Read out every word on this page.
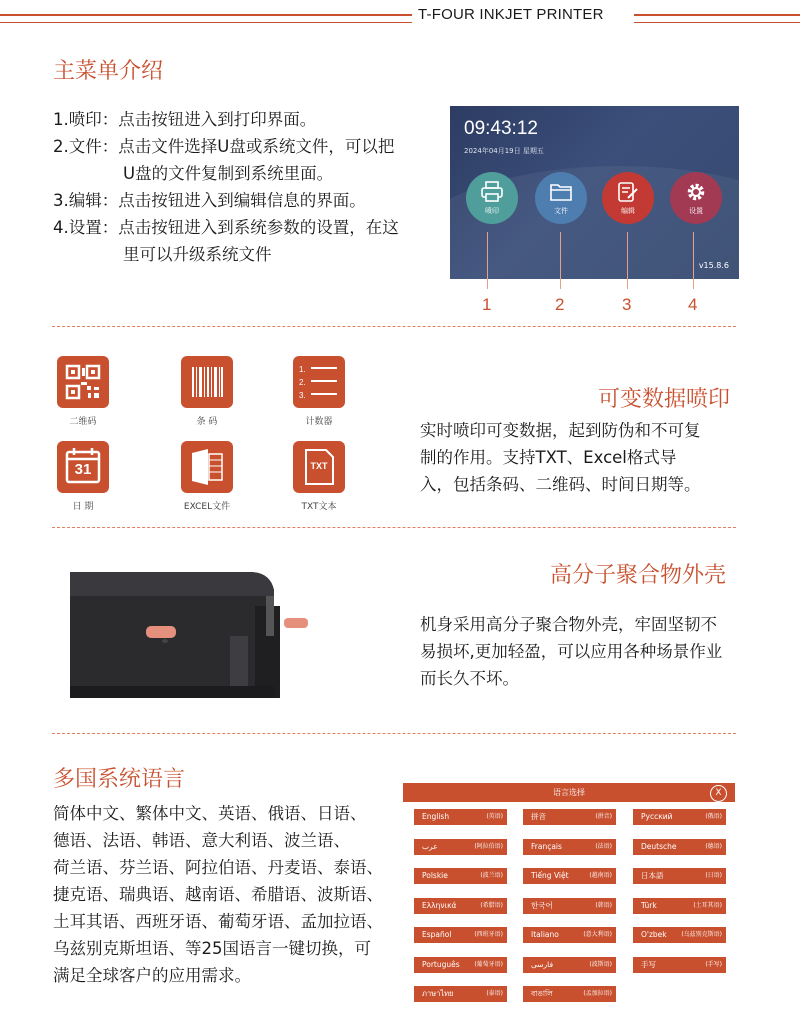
T-FOUR INKJET PRINTER
主菜单介绍
1.喷印：点击按钮进入到打印界面。
2.文件：点击文件选择U盘或系统文件，可以把
　　　　U盘的文件复制到系统里面。
3.编辑：点击按钮进入到编辑信息的界面。
4.设置：点击按钮进入到系统参数的设置，在这
　　　　里可以升级系统文件
09:43:12
2024年04月19日 星期五
喷印	文件	编辑	设置
v15.8.6
1	2	3	4
二维码	条 码
1.
2.
3.
计数器
31
日 期	EXCEL文件
TXT
TXT文本
可变数据喷印
实时喷印可变数据，起到防伪和不可复
制的作用。支持TXT、Excel格式导
入，包括条码、二维码、时间日期等。
高分子聚合物外壳
机身采用高分子聚合物外壳，牢固坚韧不
易损坏,更加轻盈，可以应用各种场景作业
而长久不坏。
多国系统语言
简体中文、繁体中文、英语、俄语、日语、
德语、法语、韩语、意大利语、波兰语、
荷兰语、芬兰语、阿拉伯语、丹麦语、泰语、
捷克语、瑞典语、越南语、希腊语、波斯语、
土耳其语、西班牙语、葡萄牙语、孟加拉语、
乌兹别克斯坦语、等25国语言一键切换，可
满足全球客户的应用需求。
语言选择	X
English	(英语)	拼音	(拼音)	Русский	(俄语)
عرب	(阿拉伯语)	Français	(法语)	Deutsche	(德语)
Polskie	(波兰语)	Tiếng Việt	(越南语)	日本語	(日语)
Ελληνικά	(希腊语)	한국어	(韩语)	Türk	(土耳其语)
Español	(西班牙语)	Italiano	(意大利语)	O'zbek (乌兹别克斯语)
Português (葡萄牙语)	فارسی	(波斯语)	手写	(手写)
ภาษาไทย	(泰语)	বাঙালি	(孟加拉语)
